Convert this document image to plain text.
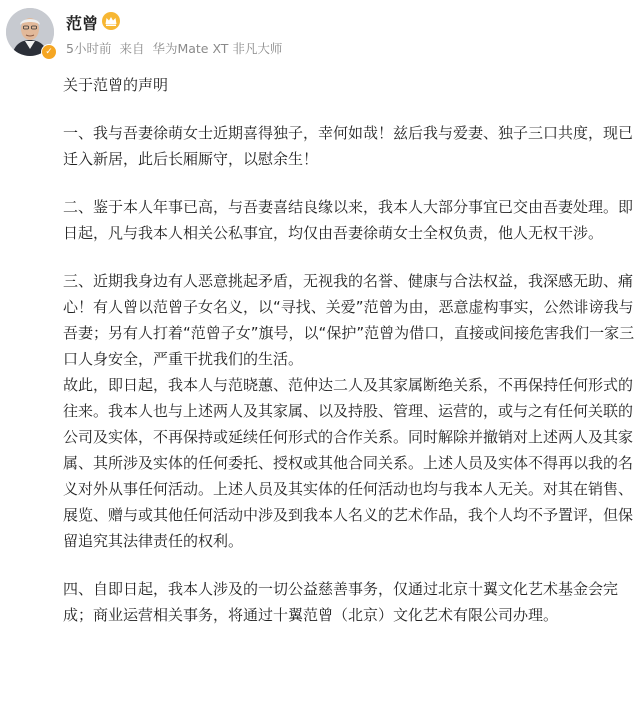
✓
范曾
5小时前 来自 华为Mate XT 非凡大师

关于范曾的声明

一、我与吾妻徐萌女士近期喜得独子，幸何如哉！兹后我与爱妻、独子三口共度，现已迁入新居，此后长厢厮守，以慰余生！

二、鉴于本人年事已高，与吾妻喜结良缘以来，我本人大部分事宜已交由吾妻处理。即日起，凡与我本人相关公私事宜，均仅由吾妻徐萌女士全权负责，他人无权干涉。

三、近期我身边有人恶意挑起矛盾，无视我的名誉、健康与合法权益，我深感无助、痛心！有人曾以范曾子女名义，以“寻找、关爱”范曾为由，恶意虚构事实，公然诽谤我与吾妻；另有人打着“范曾子女”旗号，以“保护”范曾为借口，直接或间接危害我们一家三口人身安全，严重干扰我们的生活。

故此，即日起，我本人与范晓蕙、范仲达二人及其家属断绝关系，不再保持任何形式的往来。我本人也与上述两人及其家属、以及持股、管理、运营的，或与之有任何关联的公司及实体，不再保持或延续任何形式的合作关系。同时解除并撤销对上述两人及其家属、其所涉及实体的任何委托、授权或其他合同关系。上述人员及实体不得再以我的名义对外从事任何活动。上述人员及其实体的任何活动也均与我本人无关。对其在销售、展览、赠与或其他任何活动中涉及到我本人名义的艺术作品，我个人均不予置评，但保留追究其法律责任的权利。

四、自即日起，我本人涉及的一切公益慈善事务，仅通过北京十翼文化艺术基金会完成；商业运营相关事务，将通过十翼范曾（北京）文化艺术有限公司办理。
